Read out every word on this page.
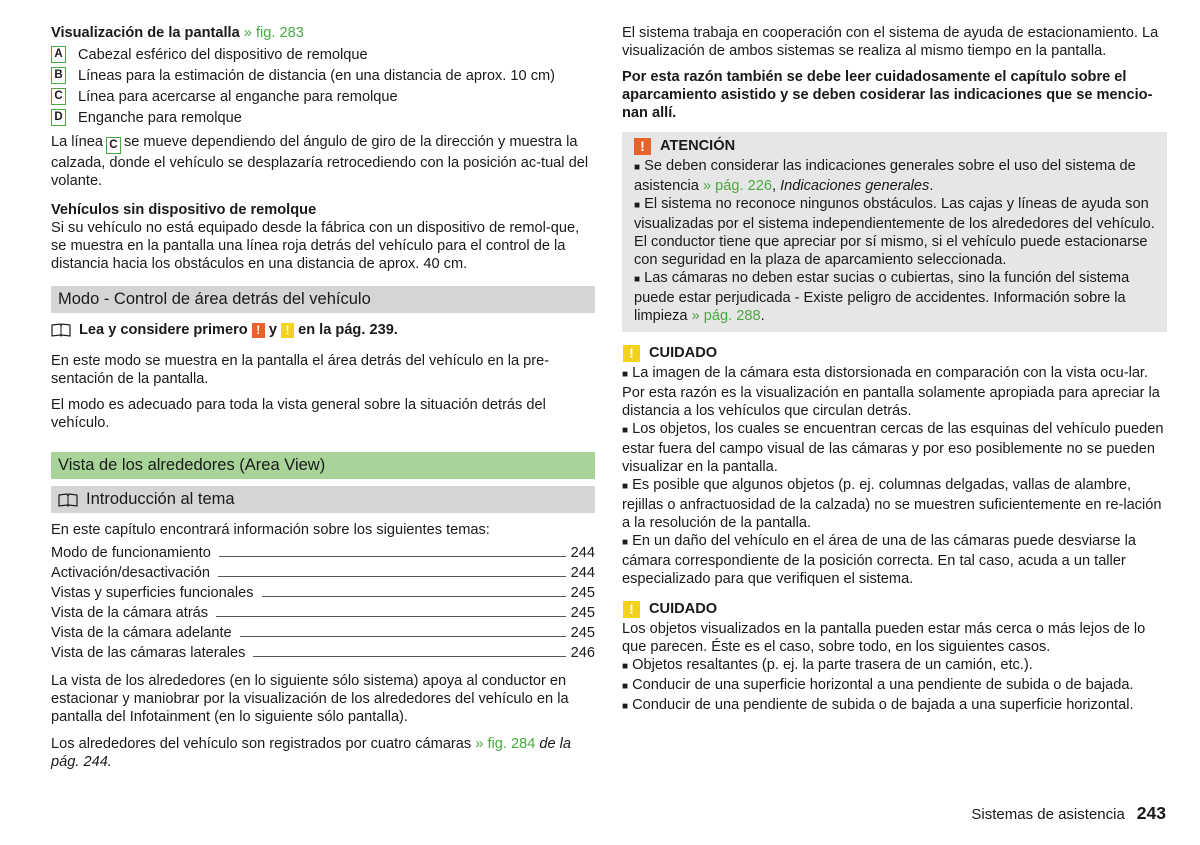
Visualización de la pantalla » fig. 283

A Cabezal esférico del dispositivo de remolque
B Líneas para la estimación de distancia (en una distancia de aprox. 10 cm)
C Línea para acercarse al enganche para remolque
D Enganche para remolque

La línea C se mueve dependiendo del ángulo de giro de la dirección y muestra la calzada, donde el vehículo se desplazaría retrocediendo con la posición ac-tual del volante.

Vehículos sin dispositivo de remolque

Si su vehículo no está equipado desde la fábrica con un dispositivo de remol-que, se muestra en la pantalla una línea roja detrás del vehículo para el control de la distancia hacia los obstáculos en una distancia de aprox. 40 cm.

Modo - Control de área detrás del vehículo
Lea y considere primero
!
y
!
en la pág. 239.

En este modo se muestra en la pantalla el área detrás del vehículo en la pre-sentación de la pantalla.

El modo es adecuado para toda la vista general sobre la situación detrás del vehículo.

Vista de los alrededores (Area View)
Introducción al tema

En este capítulo encontrará información sobre los siguientes temas:

Modo de funcionamiento	244
Activación/desactivación	244
Vistas y superficies funcionales	245
Vista de la cámara atrás	245
Vista de la cámara adelante	245
Vista de las cámaras laterales	246

La vista de los alrededores (en lo siguiente sólo sistema) apoya al conductor en estacionar y maniobrar por la visualización de los alrededores del vehículo en la pantalla del Infotainment (en lo siguiente sólo pantalla).

Los alrededores del vehículo son registrados por cuatro cámaras » fig. 284 de la pág. 244.

El sistema trabaja en cooperación con el sistema de ayuda de estacionamiento. La visualización de ambos sistemas se realiza al mismo tiempo en la pantalla.

Por esta razón también se debe leer cuidadosamente el capítulo sobre el aparcamiento asistido y se deben cosiderar las indicaciones que se mencio-nan allí.

!	ATENCIÓN

■ Se deben considerar las indicaciones generales sobre el uso del sistema de asistencia » pág. 226, Indicaciones generales.

■ El sistema no reconoce ningunos obstáculos. Las cajas y líneas de ayuda son visualizadas por el sistema independientemente de los alrededores del vehículo. El conductor tiene que apreciar por sí mismo, si el vehículo puede estacionarse con seguridad en la plaza de aparcamiento seleccionada.

■ Las cámaras no deben estar sucias o cubiertas, sino la función del sistema puede estar perjudicada - Existe peligro de accidentes. Información sobre la limpieza » pág. 288.

!	CUIDADO

■ La imagen de la cámara esta distorsionada en comparación con la vista ocu-lar. Por esta razón es la visualización en pantalla solamente apropiada para apreciar la distancia a los vehículos que circulan detrás.

■ Los objetos, los cuales se encuentran cercas de las esquinas del vehículo pueden estar fuera del campo visual de las cámaras y por eso posiblemente no se pueden visualizar en la pantalla.

■ Es posible que algunos objetos (p. ej. columnas delgadas, vallas de alambre, rejillas o anfractuosidad de la calzada) no se muestren suficientemente en re-lación a la resolución de la pantalla.

■ En un daño del vehículo en el área de una de las cámaras puede desviarse la cámara correspondiente de la posición correcta. En tal caso, acuda a un taller especializado para que verifiquen el sistema.

!	CUIDADO

Los objetos visualizados en la pantalla pueden estar más cerca o más lejos de lo que parecen. Éste es el caso, sobre todo, en los siguientes casos.

■ Objetos resaltantes (p. ej. la parte trasera de un camión, etc.).

■ Conducir de una superficie horizontal a una pendiente de subida o de bajada.

■ Conducir de una pendiente de subida o de bajada a una superficie horizontal.

Sistemas de asistencia 243
